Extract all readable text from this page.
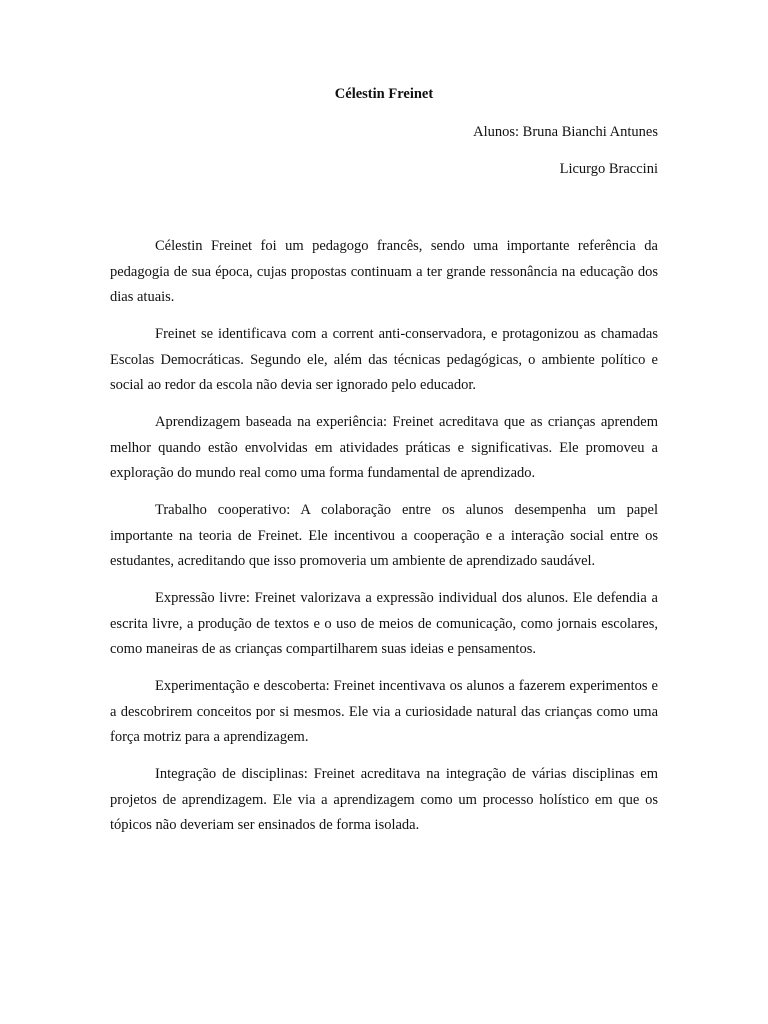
Célestin Freinet
Alunos: Bruna Bianchi Antunes
Licurgo Braccini

Célestin Freinet foi um pedagogo francês, sendo uma importante referência da pedagogia de sua época, cujas propostas continuam a ter grande ressonância na educação dos dias atuais.

Freinet se identificava com a corrent anti-conservadora, e protagonizou as chamadas Escolas Democráticas. Segundo ele, além das técnicas pedagógicas, o ambiente político e social ao redor da escola não devia ser ignorado pelo educador.

Aprendizagem baseada na experiência: Freinet acreditava que as crianças aprendem melhor quando estão envolvidas em atividades práticas e significativas. Ele promoveu a exploração do mundo real como uma forma fundamental de aprendizado.

Trabalho cooperativo: A colaboração entre os alunos desempenha um papel importante na teoria de Freinet. Ele incentivou a cooperação e a interação social entre os estudantes, acreditando que isso promoveria um ambiente de aprendizado saudável.

Expressão livre: Freinet valorizava a expressão individual dos alunos. Ele defendia a escrita livre, a produção de textos e o uso de meios de comunicação, como jornais escolares, como maneiras de as crianças compartilharem suas ideias e pensamentos.

Experimentação e descoberta: Freinet incentivava os alunos a fazerem experimentos e a descobrirem conceitos por si mesmos. Ele via a curiosidade natural das crianças como uma força motriz para a aprendizagem.

Integração de disciplinas: Freinet acreditava na integração de várias disciplinas em projetos de aprendizagem. Ele via a aprendizagem como um processo holístico em que os tópicos não deveriam ser ensinados de forma isolada.
